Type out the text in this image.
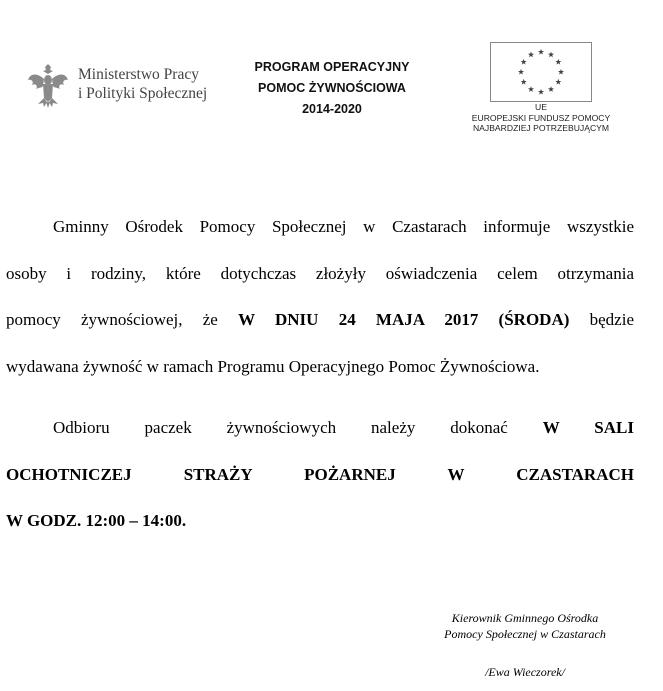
Ministerstwo Pracy
i Polityki Społecznej
PROGRAM OPERACYJNY
POMOC ŻYWNOŚCIOWA
2014-2020	UE
EUROPEJSKI FUNDUSZ POMOCY
NAJBARDZIEJ POTRZEBUJĄCYM
Gminny Ośrodek Pomocy Społecznej w Czastarach informuje wszystkie
osoby i rodziny, które dotychczas złożyły oświadczenia celem otrzymania
pomocy żywnościowej, że W DNIU 24 MAJA 2017 (ŚRODA) będzie
wydawana żywność w ramach Programu Operacyjnego Pomoc Żywnościowa.
Odbioru paczek żywnościowych należy dokonać W SALI
OCHOTNICZEJ STRAŻY POŻARNEJ W CZASTARACH
W GODZ. 12:00 – 14:00.
Kierownik Gminnego Ośrodka
Pomocy Społecznej w Czastarach
/Ewa Wieczorek/
